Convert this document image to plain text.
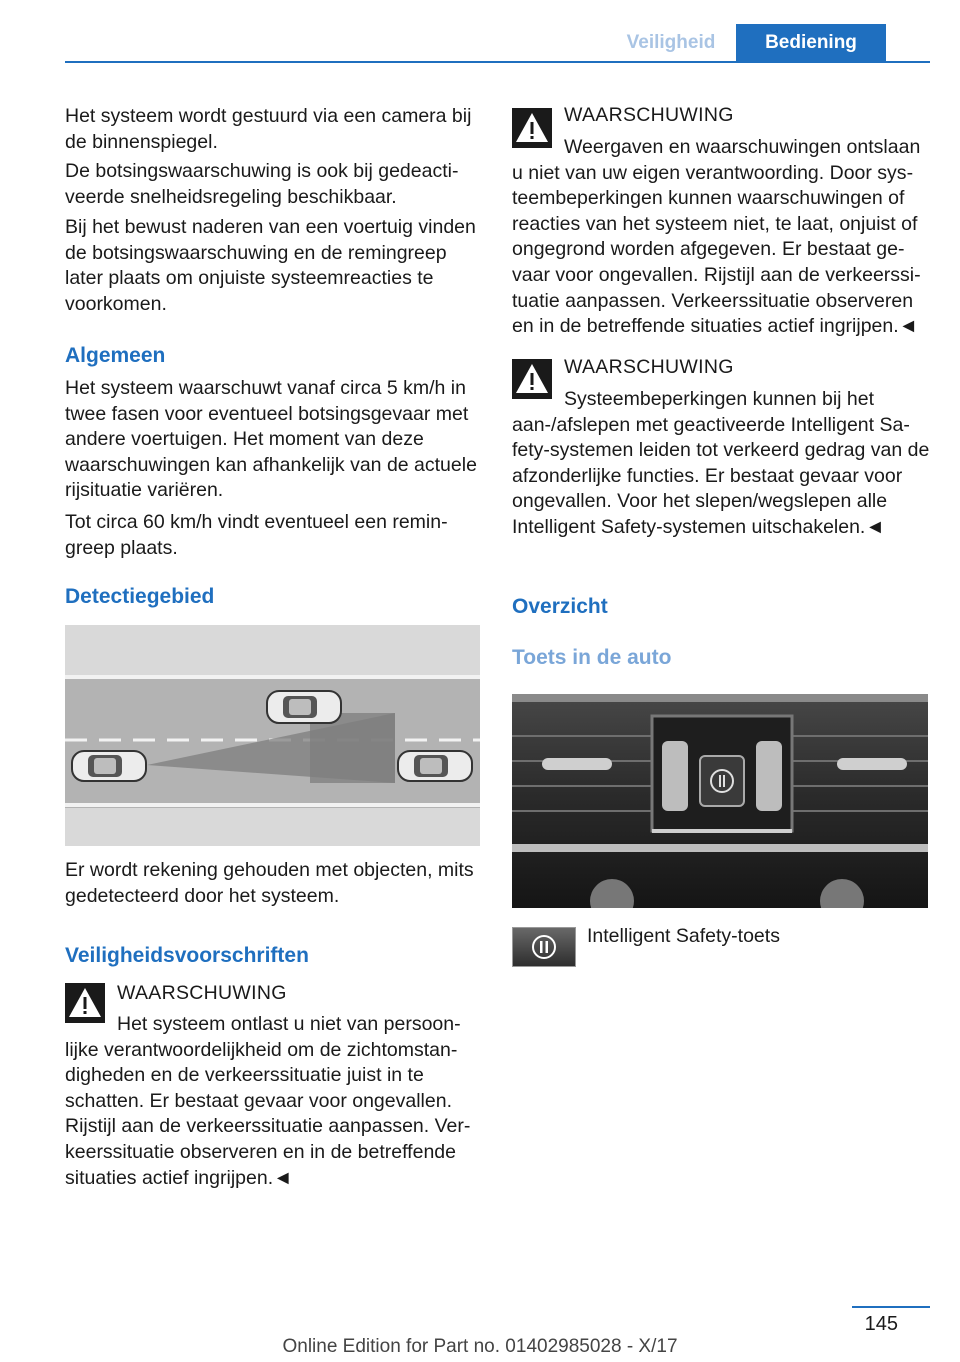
Veiligheid	Bediening

Het systeem wordt gestuurd via een camera bij de binnenspiegel.

De botsingswaarschuwing is ook bij gedeactiveerde snelheidsregeling beschikbaar.

Bij het bewust naderen van een voertuig vinden de botsingswaarschuwing en de remingreep later plaats om onjuiste systeemreacties te voorkomen.

Algemeen

Het systeem waarschuwt vanaf circa 5 km/h in twee fasen voor eventueel botsingsgevaar met andere voertuigen. Het moment van deze waarschuwingen kan afhankelijk van de actuele rijsituatie variëren.

Tot circa 60 km/h vindt eventueel een remingreep plaats.

Detectiegebied

Er wordt rekening gehouden met objecten, mits gedetecteerd door het systeem.

Veiligheidsvoorschriften
WAARSCHUWING

Het systeem ontlast u niet van persoonlijke verantwoordelijkheid om de zichtomstandigheden en de verkeerssituatie juist in te schatten. Er bestaat gevaar voor ongevallen. Rijstijl aan de verkeerssituatie aanpassen. Verkeerssituatie observeren en in de betreffende situaties actief ingrijpen.◄

WAARSCHUWING

Weergaven en waarschuwingen ontslaan u niet van uw eigen verantwoording. Door systeembeperkingen kunnen waarschuwingen of reacties van het systeem niet, te laat, onjuist of ongegrond worden afgegeven. Er bestaat gevaar voor ongevallen. Rijstijl aan de verkeerssituatie aanpassen. Verkeerssituatie observeren en in de betreffende situaties actief ingrijpen.◄

WAARSCHUWING

Systeembeperkingen kunnen bij het aan-/afslepen met geactiveerde Intelligent Safety-systemen leiden tot verkeerd gedrag van de afzonderlijke functies. Er bestaat gevaar voor ongevallen. Voor het slepen/wegslepen alle Intelligent Safety-systemen uitschakelen.◄

Overzicht
Toets in de auto
Intelligent Safety-toets
145
Online Edition for Part no. 01402985028 - X/17
